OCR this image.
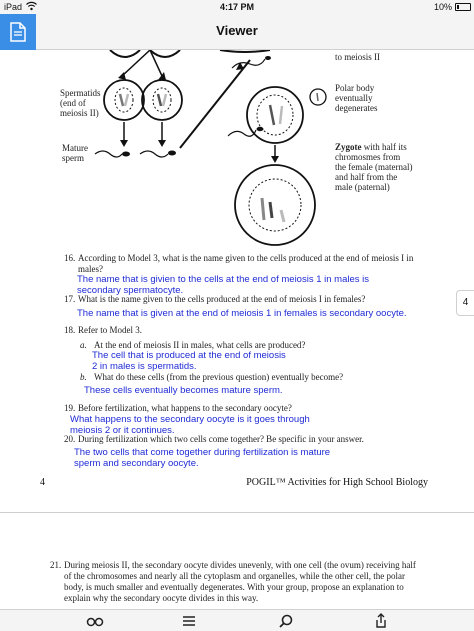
iPad	4:17 PM	10%
Viewer
to meiosis II
Spermatids
(end of
meiosis II)
Polar body
eventually
degenerates
Mature
sperm
Zygote with half its
chromosmes from
the female (maternal)
and half from the
male (paternal)
16. According to Model 3, what is the name given to the cells produced at the end of meiosis I in
males?
The name that is givien to the cells at the end of meiosis 1 in males is
secondary spermatocyte.
17. What is the name given to the cells produced at the end of meiosis I in females?
The name that is given at the end of meiosis 1 in females is secondary oocyte.
18. Refer to Model 3.
a. At the end of meiosis II in males, what cells are produced?
The cell that is produced at the end of meiosis
2 in males is spermatids.
b. What do these cells (from the previous question) eventually become?
These cells eventually becomes mature sperm.
19. Before fertilization, what happens to the secondary oocyte?
What happens to the secondary oocyte is it goes through
meiosis 2 or it continues.
20. During fertilization which two cells come together? Be specific in your answer.
The two cells that come together during fertilization is mature
sperm and secondary oocyte.
4	POGIL™ Activities for High School Biology
4
21. During meiosis II, the secondary oocyte divides unevenly, with one cell (the ovum) receiving half
of the chromosomes and nearly all the cytoplasm and organelles, while the other cell, the polar
body, is much smaller and eventually degenerates. With your group, propose an explanation to
explain why the secondary oocyte divides in this way.
